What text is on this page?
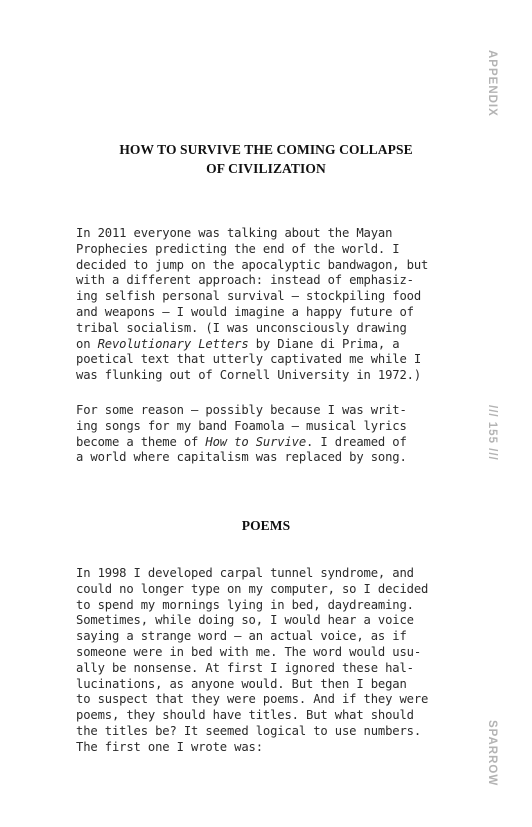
APPENDIX
/// 155 ///
SPARROW
HOW TO SURVIVE THE COMING COLLAPSE
OF CIVILIZATION
In 2011 everyone was talking about the Mayan
Prophecies predicting the end of the world. I
decided to jump on the apocalyptic bandwagon, but
with a different approach: instead of emphasiz-
ing selfish personal survival – stockpiling food
and weapons – I would imagine a happy future of
tribal socialism. (I was unconsciously drawing
on Revolutionary Letters by Diane di Prima, a
poetical text that utterly captivated me while I
was flunking out of Cornell University in 1972.)
For some reason – possibly because I was writ-
ing songs for my band Foamola – musical lyrics
become a theme of How to Survive. I dreamed of
a world where capitalism was replaced by song.
POEMS
In 1998 I developed carpal tunnel syndrome, and
could no longer type on my computer, so I decided
to spend my mornings lying in bed, daydreaming.
Sometimes, while doing so, I would hear a voice
saying a strange word – an actual voice, as if
someone were in bed with me. The word would usu-
ally be nonsense. At first I ignored these hal-
lucinations, as anyone would. But then I began
to suspect that they were poems. And if they were
poems, they should have titles. But what should
the titles be? It seemed logical to use numbers.
The first one I wrote was:
